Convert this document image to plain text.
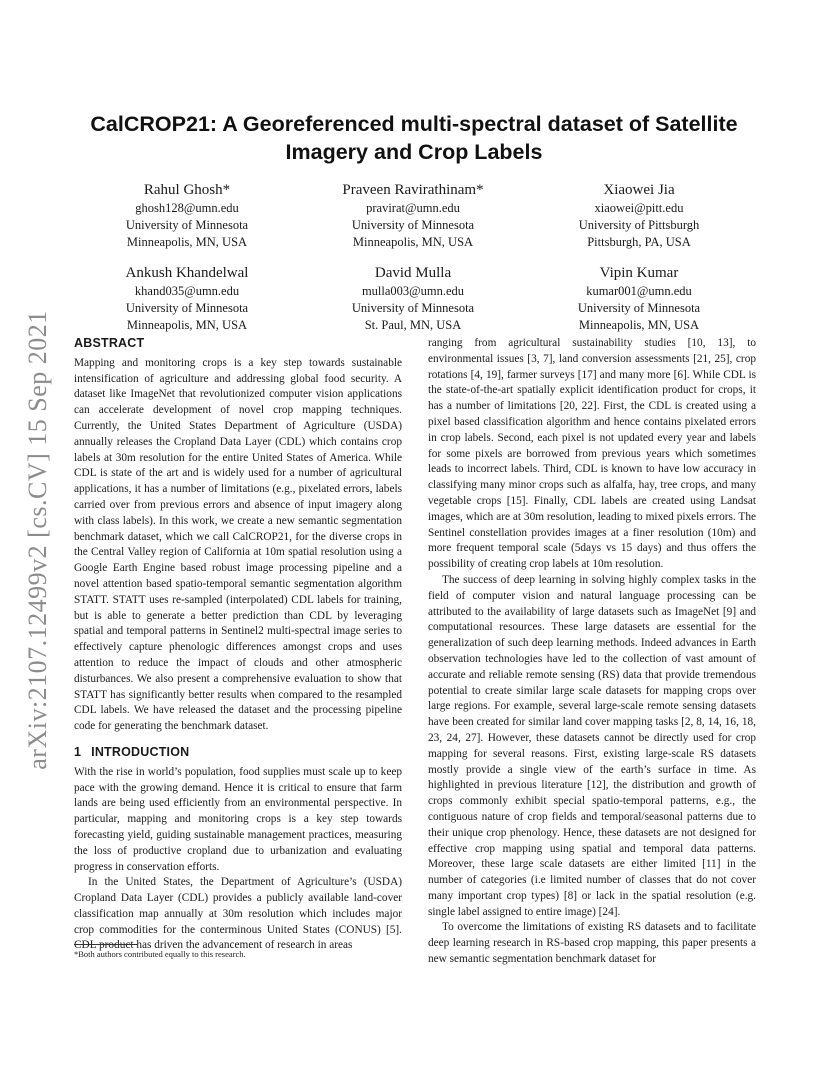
arXiv:2107.12499v2 [cs.CV] 15 Sep 2021
CalCROP21: A Georeferenced multi-spectral dataset of Satellite Imagery and Crop Labels
Rahul Ghosh*
ghosh128@umn.edu
University of Minnesota
Minneapolis, MN, USA
Praveen Ravirathinam*
pravirat@umn.edu
University of Minnesota
Minneapolis, MN, USA
Xiaowei Jia
xiaowei@pitt.edu
University of Pittsburgh
Pittsburgh, PA, USA
Ankush Khandelwal
khand035@umn.edu
University of Minnesota
Minneapolis, MN, USA
David Mulla
mulla003@umn.edu
University of Minnesota
St. Paul, MN, USA
Vipin Kumar
kumar001@umn.edu
University of Minnesota
Minneapolis, MN, USA
ABSTRACT

Mapping and monitoring crops is a key step towards sustainable intensification of agriculture and addressing global food security. A dataset like ImageNet that revolutionized computer vision applications can accelerate development of novel crop mapping techniques. Currently, the United States Department of Agriculture (USDA) annually releases the Cropland Data Layer (CDL) which contains crop labels at 30m resolution for the entire United States of America. While CDL is state of the art and is widely used for a number of agricultural applications, it has a number of limitations (e.g., pixelated errors, labels carried over from previous errors and absence of input imagery along with class labels). In this work, we create a new semantic segmentation benchmark dataset, which we call CalCROP21, for the diverse crops in the Central Valley region of California at 10m spatial resolution using a Google Earth Engine based robust image processing pipeline and a novel attention based spatio-temporal semantic segmentation algorithm STATT. STATT uses re-sampled (interpolated) CDL labels for training, but is able to generate a better prediction than CDL by leveraging spatial and temporal patterns in Sentinel2 multi-spectral image series to effectively capture phenologic differences amongst crops and uses attention to reduce the impact of clouds and other atmospheric disturbances. We also present a comprehensive evaluation to show that STATT has significantly better results when compared to the resampled CDL labels. We have released the dataset and the processing pipeline code for generating the benchmark dataset.

1 INTRODUCTION

With the rise in world’s population, food supplies must scale up to keep pace with the growing demand. Hence it is critical to ensure that farm lands are being used efficiently from an environmental perspective. In particular, mapping and monitoring crops is a key step towards forecasting yield, guiding sustainable management practices, measuring the loss of productive cropland due to urbanization and evaluating progress in conservation efforts.

In the United States, the Department of Agriculture’s (USDA) Cropland Data Layer (CDL) provides a publicly available land-cover classification map annually at 30m resolution which includes major crop commodities for the conterminous United States (CONUS) [5]. CDL product has driven the advancement of research in areas

ranging from agricultural sustainability studies [10, 13], to environmental issues [3, 7], land conversion assessments [21, 25], crop rotations [4, 19], farmer surveys [17] and many more [6]. While CDL is the state-of-the-art spatially explicit identification product for crops, it has a number of limitations [20, 22]. First, the CDL is created using a pixel based classification algorithm and hence contains pixelated errors in crop labels. Second, each pixel is not updated every year and labels for some pixels are borrowed from previous years which sometimes leads to incorrect labels. Third, CDL is known to have low accuracy in classifying many minor crops such as alfalfa, hay, tree crops, and many vegetable crops [15]. Finally, CDL labels are created using Landsat images, which are at 30m resolution, leading to mixed pixels errors. The Sentinel constellation provides images at a finer resolution (10m) and more frequent temporal scale (5days vs 15 days) and thus offers the possibility of creating crop labels at 10m resolution.

The success of deep learning in solving highly complex tasks in the field of computer vision and natural language processing can be attributed to the availability of large datasets such as ImageNet [9] and computational resources. These large datasets are essential for the generalization of such deep learning methods. Indeed advances in Earth observation technologies have led to the collection of vast amount of accurate and reliable remote sensing (RS) data that provide tremendous potential to create similar large scale datasets for mapping crops over large regions. For example, several large-scale remote sensing datasets have been created for similar land cover mapping tasks [2, 8, 14, 16, 18, 23, 24, 27]. However, these datasets cannot be directly used for crop mapping for several reasons. First, existing large-scale RS datasets mostly provide a single view of the earth’s surface in time. As highlighted in previous literature [12], the distribution and growth of crops commonly exhibit special spatio-temporal patterns, e.g., the contiguous nature of crop fields and temporal/seasonal patterns due to their unique crop phenology. Hence, these datasets are not designed for effective crop mapping using spatial and temporal data patterns. Moreover, these large scale datasets are either limited [11] in the number of categories (i.e limited number of classes that do not cover many important crop types) [8] or lack in the spatial resolution (e.g. single label assigned to entire image) [24].

To overcome the limitations of existing RS datasets and to facilitate deep learning research in RS-based crop mapping, this paper presents a new semantic segmentation benchmark dataset for

*Both authors contributed equally to this research.
